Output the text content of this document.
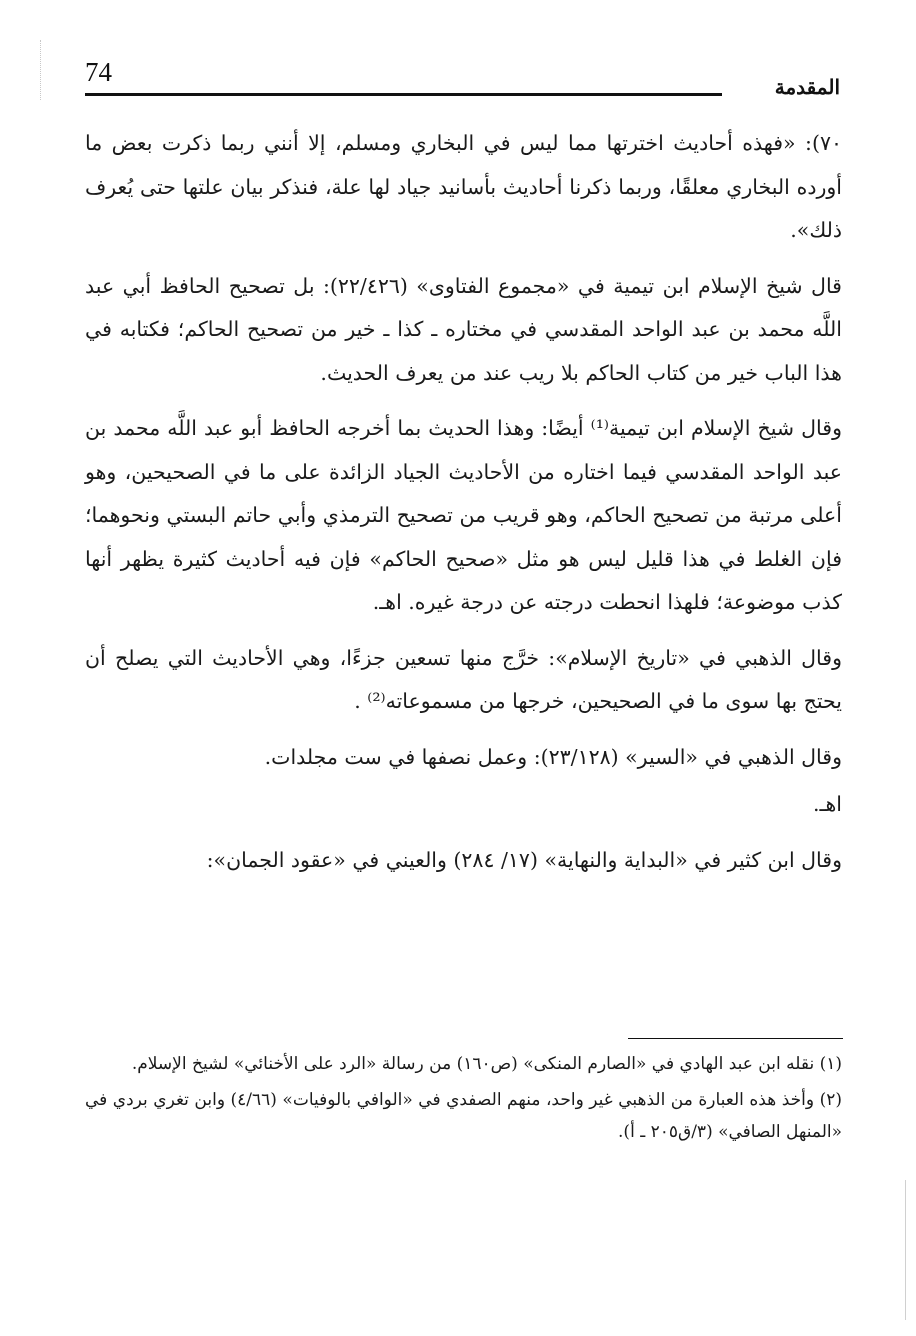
74	المقدمة

٧٠): «فهذه أحاديث اخترتها مما ليس في البخاري ومسلم، إلا أنني ربما ذكرت بعض ما أورده البخاري معلقًا، وربما ذكرنا أحاديث بأسانيد جياد لها علة، فنذكر بيان علتها حتى يُعرف ذلك».

قال شيخ الإسلام ابن تيمية في «مجموع الفتاوى» (٢٢/٤٢٦): بل تصحيح الحافظ أبي عبد اللَّه محمد بن عبد الواحد المقدسي في مختاره ـ كذا ـ خير من تصحيح الحاكم؛ فكتابه في هذا الباب خير من كتاب الحاكم بلا ريب عند من يعرف الحديث.

وقال شيخ الإسلام ابن تيمية⁽¹⁾ أيضًا: وهذا الحديث بما أخرجه الحافظ أبو عبد اللَّه محمد بن عبد الواحد المقدسي فيما اختاره من الأحاديث الجياد الزائدة على ما في الصحيحين، وهو أعلى مرتبة من تصحيح الحاكم، وهو قريب من تصحيح الترمذي وأبي حاتم البستي ونحوهما؛ فإن الغلط في هذا قليل ليس هو مثل «صحيح الحاكم» فإن فيه أحاديث كثيرة يظهر أنها كذب موضوعة؛ فلهذا انحطت درجته عن درجة غيره. اهـ.

وقال الذهبي في «تاريخ الإسلام»: خرَّج منها تسعين جزءًا، وهي الأحاديث التي يصلح أن يحتج بها سوى ما في الصحيحين، خرجها من مسموعاته⁽²⁾ .

وقال الذهبي في «السير» (٢٣/١٢٨): وعمل نصفها في ست مجلدات.

اهـ.

وقال ابن كثير في «البداية والنهاية» (١٧/ ٢٨٤) والعيني في «عقود الجمان»:

(١) نقله ابن عبد الهادي في «الصارم المنكى» (ص١٦٠) من رسالة «الرد على الأخنائي» لشيخ الإسلام.

(٢) وأخذ هذه العبارة من الذهبي غير واحد، منهم الصفدي في «الوافي بالوفيات» (٤/٦٦) وابن تغري بردي في «المنهل الصافي» (٣/ق٢٠٥ ـ أ).
